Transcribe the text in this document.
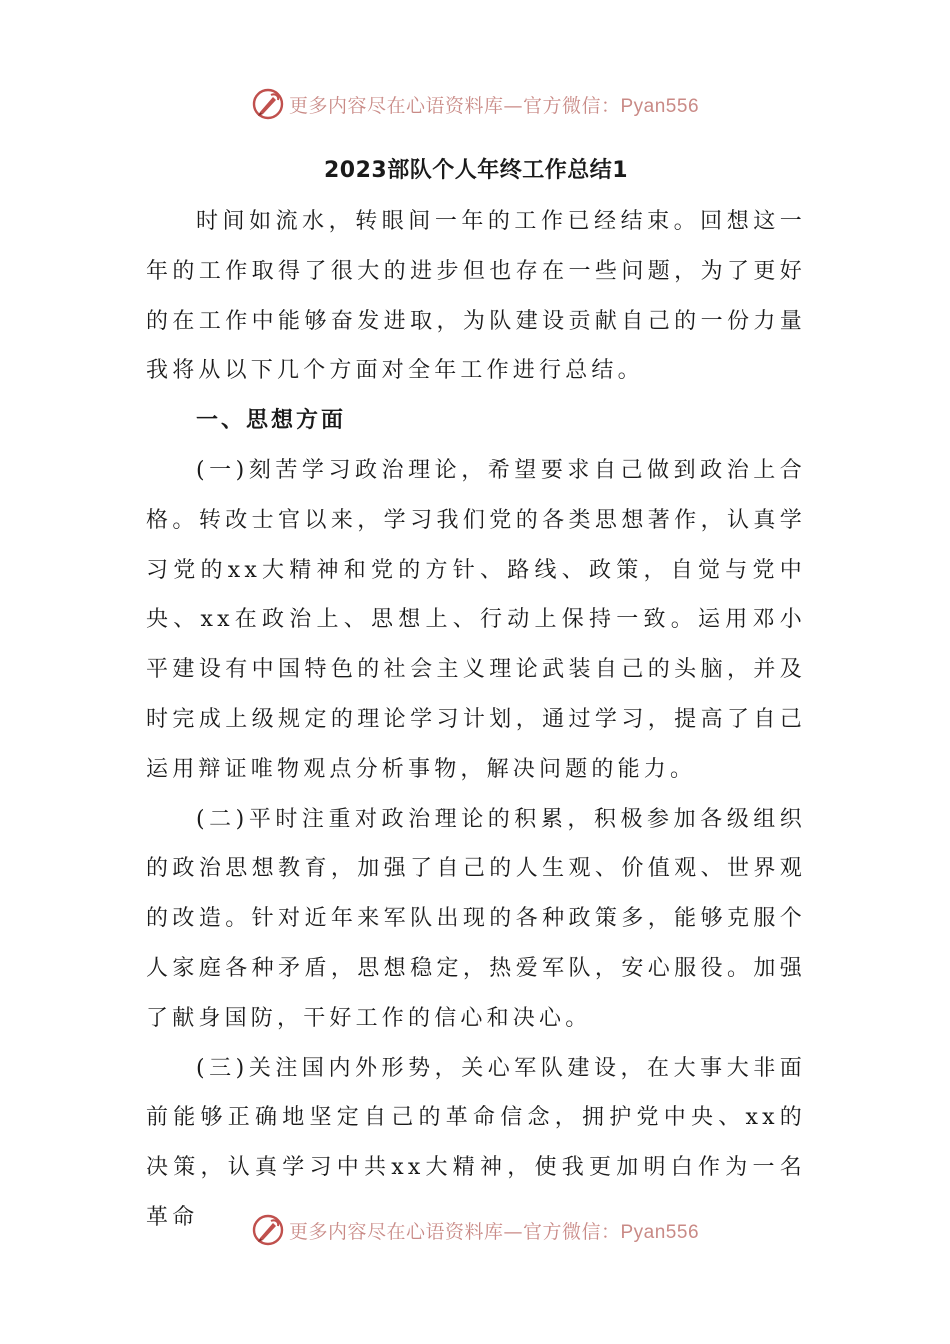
更多内容尽在心语资料库—官方微信：Pyan556
2023部队个人年终工作总结1

时间如流水，转眼间一年的工作已经结束。回想这一年的工作取得了很大的进步但也存在一些问题，为了更好的在工作中能够奋发进取，为队建设贡献自己的一份力量我将从以下几个方面对全年工作进行总结。

一、思想方面

(一)刻苦学习政治理论，希望要求自己做到政治上合格。转改士官以来，学习我们党的各类思想著作，认真学习党的xx大精神和党的方针、路线、政策，自觉与党中央、xx在政治上、思想上、行动上保持一致。运用邓小平建设有中国特色的社会主义理论武装自己的头脑，并及时完成上级规定的理论学习计划，通过学习，提高了自己运用辩证唯物观点分析事物，解决问题的能力。

(二)平时注重对政治理论的积累，积极参加各级组织的政治思想教育，加强了自己的人生观、价值观、世界观的改造。针对近年来军队出现的各种政策多，能够克服个人家庭各种矛盾，思想稳定，热爱军队，安心服役。加强了献身国防，干好工作的信心和决心。

(三)关注国内外形势，关心军队建设，在大事大非面前能够正确地坚定自己的革命信念，拥护党中央、xx的决策，认真学习中共xx大精神，使我更加明白作为一名革命

更多内容尽在心语资料库—官方微信：Pyan556
